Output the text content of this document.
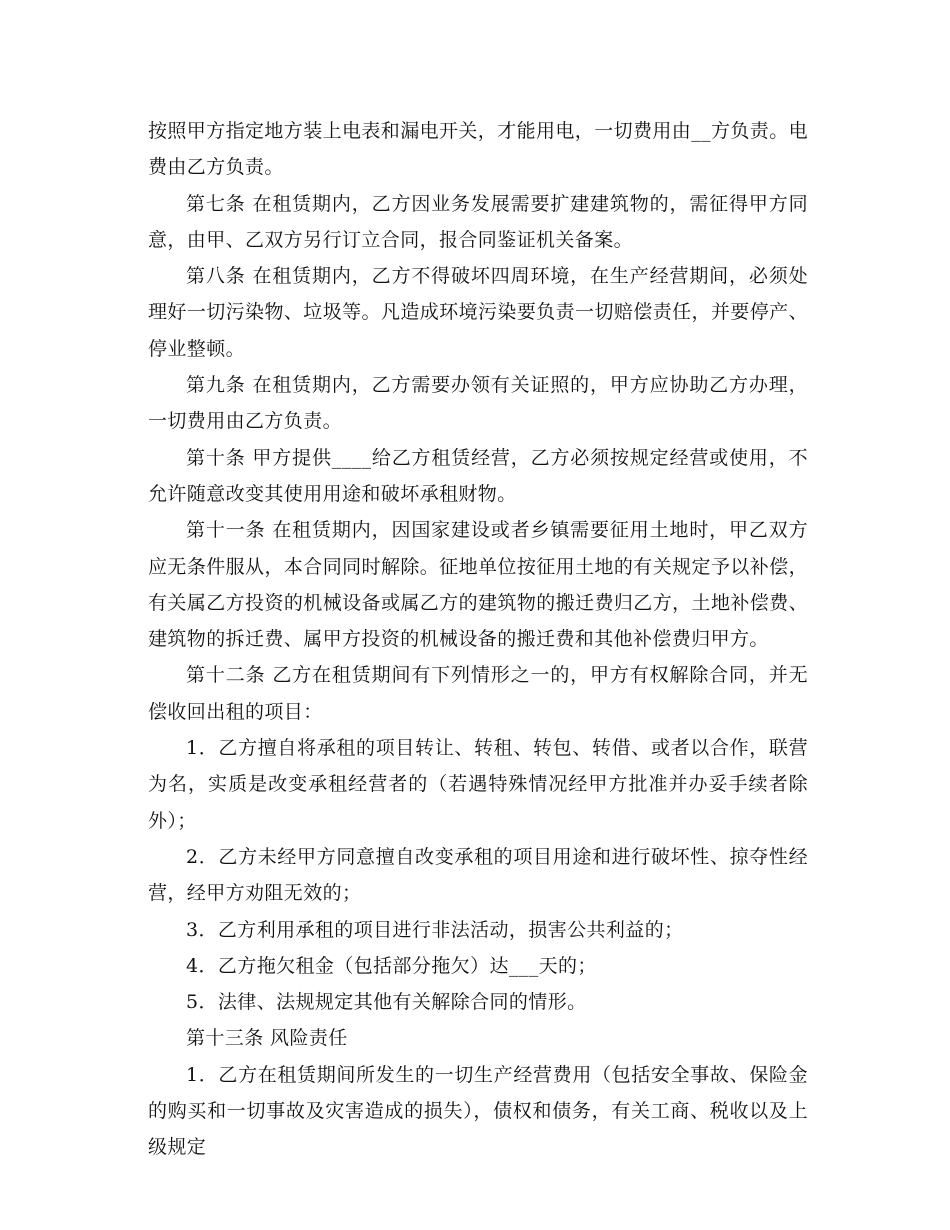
按照甲方指定地方装上电表和漏电开关，才能用电，一切费用由__方负责。电费由乙方负责。

第七条 在租赁期内，乙方因业务发展需要扩建建筑物的，需征得甲方同意，由甲、乙双方另行订立合同，报合同鉴证机关备案。

第八条 在租赁期内，乙方不得破坏四周环境，在生产经营期间，必须处理好一切污染物、垃圾等。凡造成环境污染要负责一切赔偿责任，并要停产、停业整顿。

第九条 在租赁期内，乙方需要办领有关证照的，甲方应协助乙方办理，一切费用由乙方负责。

第十条 甲方提供____给乙方租赁经营，乙方必须按规定经营或使用，不允许随意改变其使用用途和破坏承租财物。

第十一条 在租赁期内，因国家建设或者乡镇需要征用土地时，甲乙双方应无条件服从，本合同同时解除。征地单位按征用土地的有关规定予以补偿，有关属乙方投资的机械设备或属乙方的建筑物的搬迁费归乙方，土地补偿费、建筑物的拆迁费、属甲方投资的机械设备的搬迁费和其他补偿费归甲方。

第十二条 乙方在租赁期间有下列情形之一的，甲方有权解除合同，并无偿收回出租的项目：

1．乙方擅自将承租的项目转让、转租、转包、转借、或者以合作，联营为名，实质是改变承租经营者的（若遇特殊情况经甲方批准并办妥手续者除外）；

2．乙方未经甲方同意擅自改变承租的项目用途和进行破坏性、掠夺性经营，经甲方劝阻无效的；

3．乙方利用承租的项目进行非法活动，损害公共利益的；

4．乙方拖欠租金（包括部分拖欠）达___天的；

5．法律、法规规定其他有关解除合同的情形。

第十三条 风险责任

1．乙方在租赁期间所发生的一切生产经营费用（包括安全事故、保险金的购买和一切事故及灾害造成的损失），债权和债务，有关工商、税收以及上级规定
